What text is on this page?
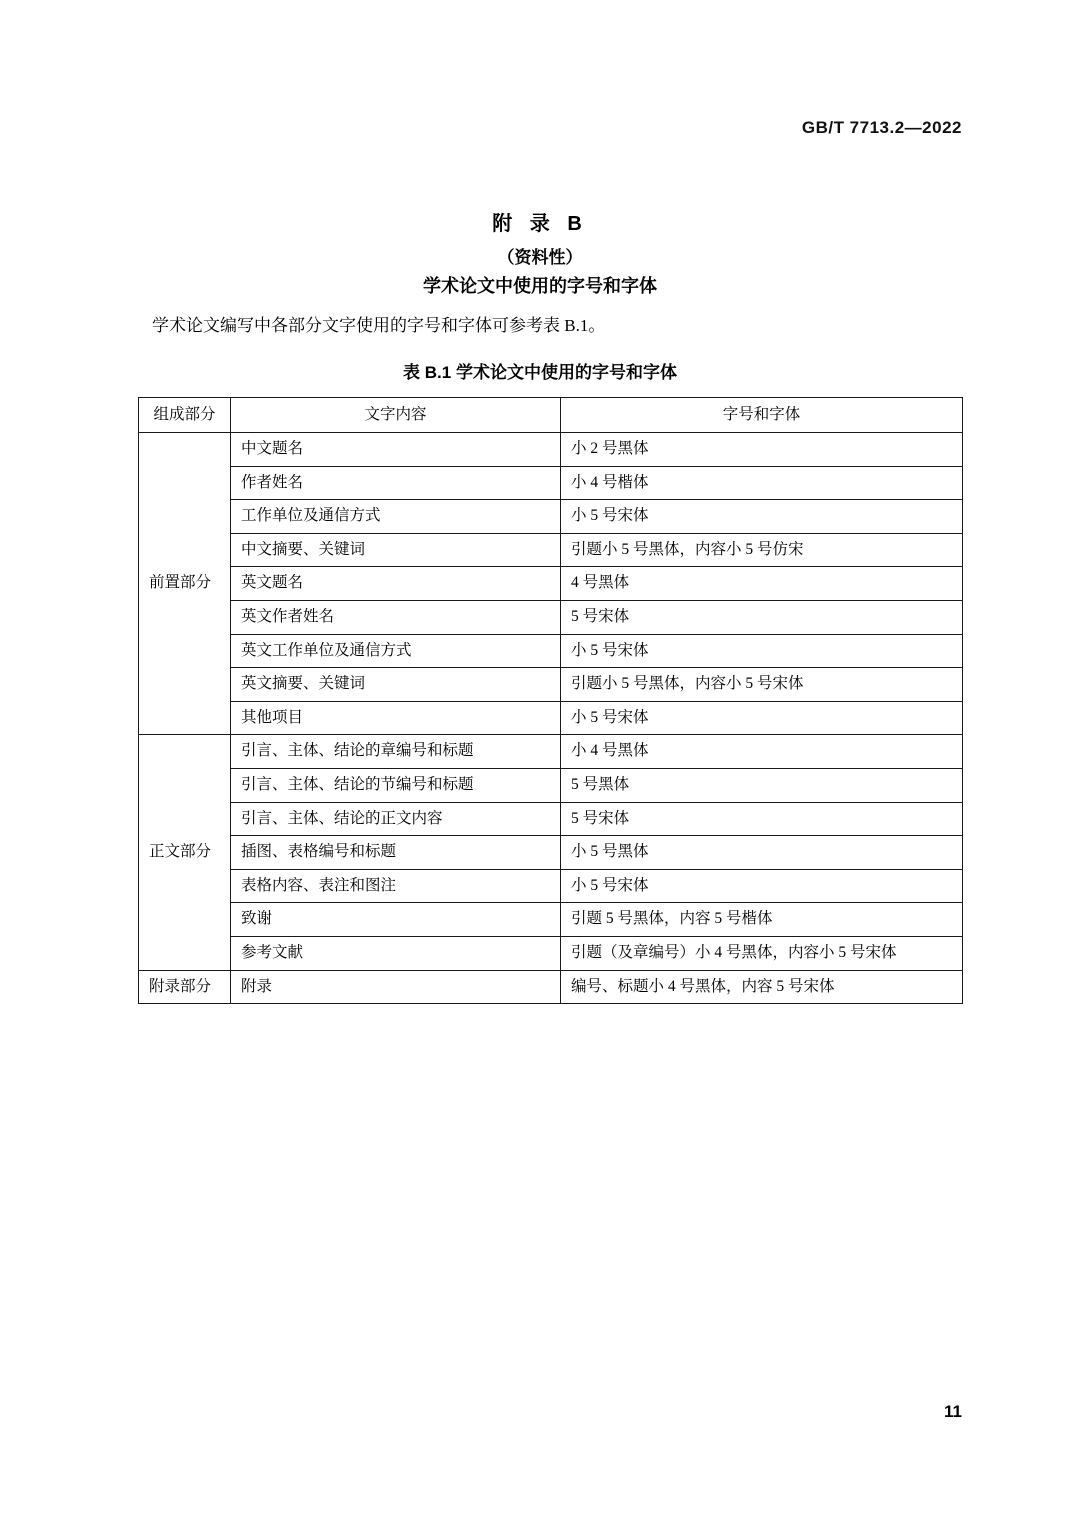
GB/T 7713.2—2022
附 录 B
（资料性）
学术论文中使用的字号和字体
学术论文编写中各部分文字使用的字号和字体可参考表 B.1。
表 B.1 学术论文中使用的字号和字体
组成部分	文字内容	字号和字体
前置部分	中文题名	小 2 号黑体
	作者姓名	小 4 号楷体
	工作单位及通信方式	小 5 号宋体
	中文摘要、关键词	引题小 5 号黑体，内容小 5 号仿宋
	英文题名	4 号黑体
	英文作者姓名	5 号宋体
	英文工作单位及通信方式	小 5 号宋体
	英文摘要、关键词	引题小 5 号黑体，内容小 5 号宋体
	其他项目	小 5 号宋体
正文部分	引言、主体、结论的章编号和标题	小 4 号黑体
	引言、主体、结论的节编号和标题	5 号黑体
	引言、主体、结论的正文内容	5 号宋体
	插图、表格编号和标题	小 5 号黑体
	表格内容、表注和图注	小 5 号宋体
	致谢	引题 5 号黑体，内容 5 号楷体
	参考文献	引题（及章编号）小 4 号黑体，内容小 5 号宋体
附录部分	附录	编号、标题小 4 号黑体，内容 5 号宋体
11
